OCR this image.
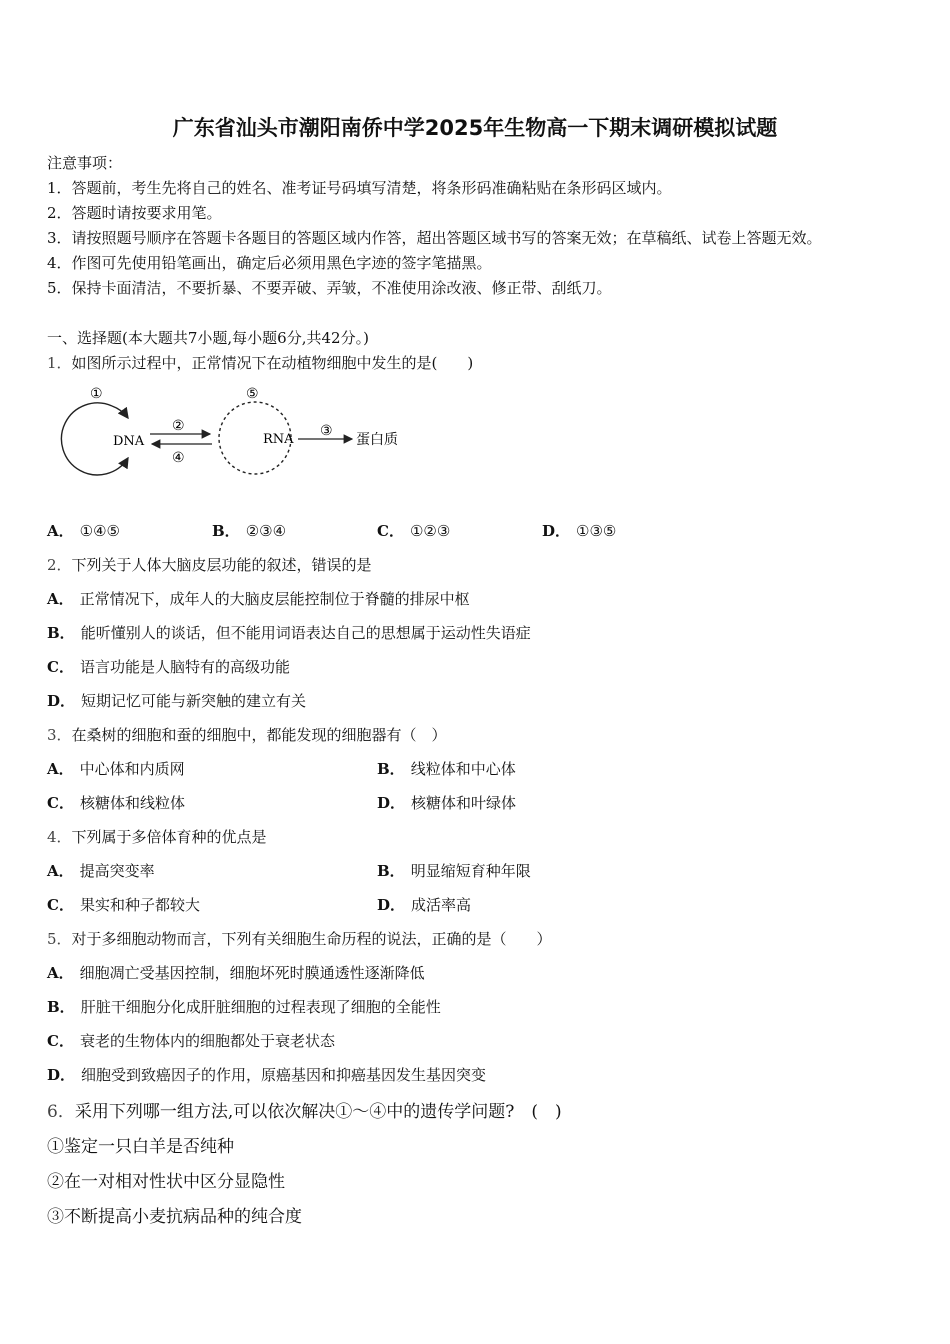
广东省汕头市潮阳南侨中学2025年生物高一下期末调研模拟试题
注意事项：
1．答题前，考生先将自己的姓名、准考证号码填写清楚，将条形码准确粘贴在条形码区域内。
2．答题时请按要求用笔。
3．请按照题号顺序在答题卡各题目的答题区域内作答，超出答题区域书写的答案无效；在草稿纸、试卷上答题无效。
4．作图可先使用铅笔画出，确定后必须用黑色字迹的签字笔描黑。
5．保持卡面清洁，不要折暴、不要弄破、弄皱，不准使用涂改液、修正带、刮纸刀。
一、选择题(本大题共7小题,每小题6分,共42分。)
1．如图所示过程中，正常情况下在动植物细胞中发生的是(　　)
①
DNA
②
④
⑤
RNA
③
蛋白质
A． ①④⑤	B． ②③④	C． ①②③	D． ①③⑤
2．下列关于人体大脑皮层功能的叙述，错误的是
A． 正常情况下，成年人的大脑皮层能控制位于脊髓的排尿中枢
B． 能听懂别人的谈话，但不能用词语表达自己的思想属于运动性失语症
C． 语言功能是人脑特有的高级功能
D． 短期记忆可能与新突触的建立有关
3．在桑树的细胞和蚕的细胞中，都能发现的细胞器有（　）
A． 中心体和内质网	B． 线粒体和中心体
C． 核糖体和线粒体	D． 核糖体和叶绿体
4．下列属于多倍体育种的优点是
A． 提高突变率	B． 明显缩短育种年限
C． 果实和种子都较大	D． 成活率高
5．对于多细胞动物而言，下列有关细胞生命历程的说法，正确的是（　　）
A． 细胞凋亡受基因控制，细胞坏死时膜通透性逐渐降低
B． 肝脏干细胞分化成肝脏细胞的过程表现了细胞的全能性
C． 衰老的生物体内的细胞都处于衰老状态
D． 细胞受到致癌因子的作用，原癌基因和抑癌基因发生基因突变
6．采用下列哪一组方法,可以依次解决①～④中的遗传学问题?　(　)
①鉴定一只白羊是否纯种
②在一对相对性状中区分显隐性
③不断提高小麦抗病品种的纯合度
